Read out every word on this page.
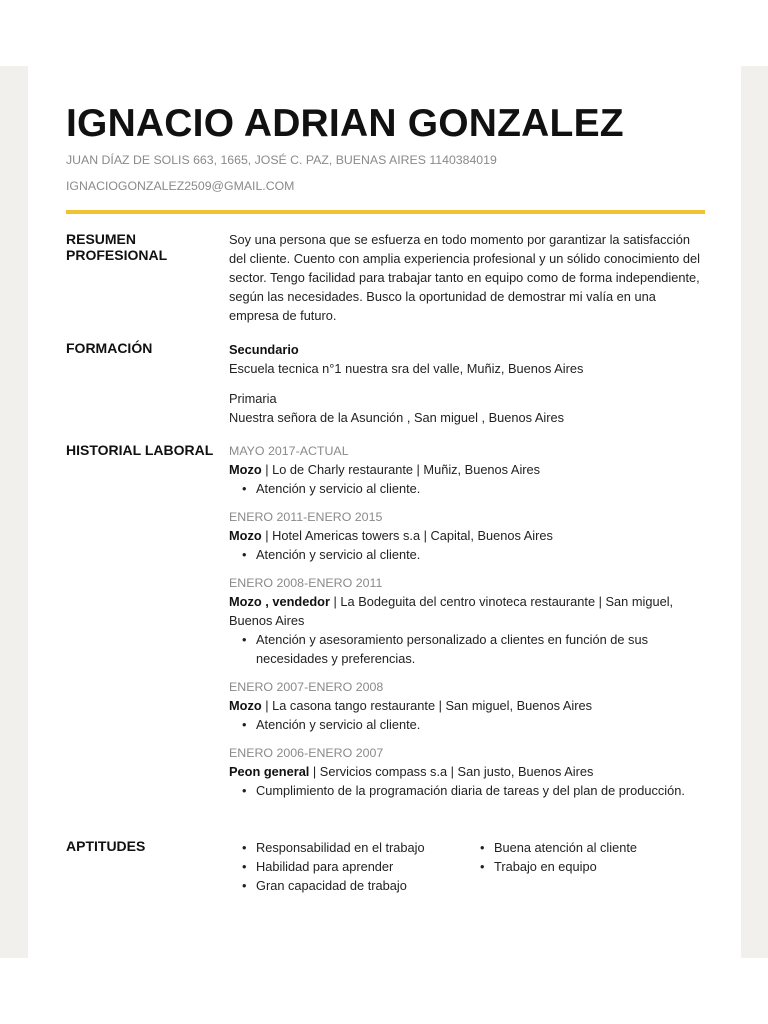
IGNACIO ADRIAN GONZALEZ
JUAN DÍAZ DE SOLIS 663, 1665, JOSÉ C. PAZ, BUENAS AIRES 1140384019
IGNACIOGONZALEZ2509@GMAIL.COM
RESUMEN
PROFESIONAL
Soy una persona que se esfuerza en todo momento por garantizar la satisfacción del cliente. Cuento con amplia experiencia profesional y un sólido conocimiento del sector. Tengo facilidad para trabajar tanto en equipo como de forma independiente, según las necesidades. Busco la oportunidad de demostrar mi valía en una empresa de futuro.
FORMACIÓN	Secundario
Escuela tecnica n°1 nuestra sra del valle, Muñiz, Buenos Aires
Primaria
Nuestra señora de la Asunción , San miguel , Buenos Aires
HISTORIAL LABORAL	MAYO 2017-ACTUAL
Mozo | Lo de Charly restaurante | Muñiz, Buenos Aires
• Atención y servicio al cliente.
ENERO 2011-ENERO 2015
Mozo | Hotel Americas towers s.a | Capital, Buenos Aires
• Atención y servicio al cliente.
ENERO 2008-ENERO 2011
Mozo , vendedor | La Bodeguita del centro vinoteca restaurante | San miguel, Buenos Aires
• Atención y asesoramiento personalizado a clientes en función de sus necesidades y preferencias.
ENERO 2007-ENERO 2008
Mozo | La casona tango restaurante | San miguel, Buenos Aires
• Atención y servicio al cliente.
ENERO 2006-ENERO 2007
Peon general | Servicios compass s.a | San justo, Buenos Aires
• Cumplimiento de la programación diaria de tareas y del plan de producción.
APTITUDES
•	Responsabilidad en el trabajo
• Habilidad para aprender
• Gran capacidad de trabajo
• Buena atención al cliente
• Trabajo en equipo
